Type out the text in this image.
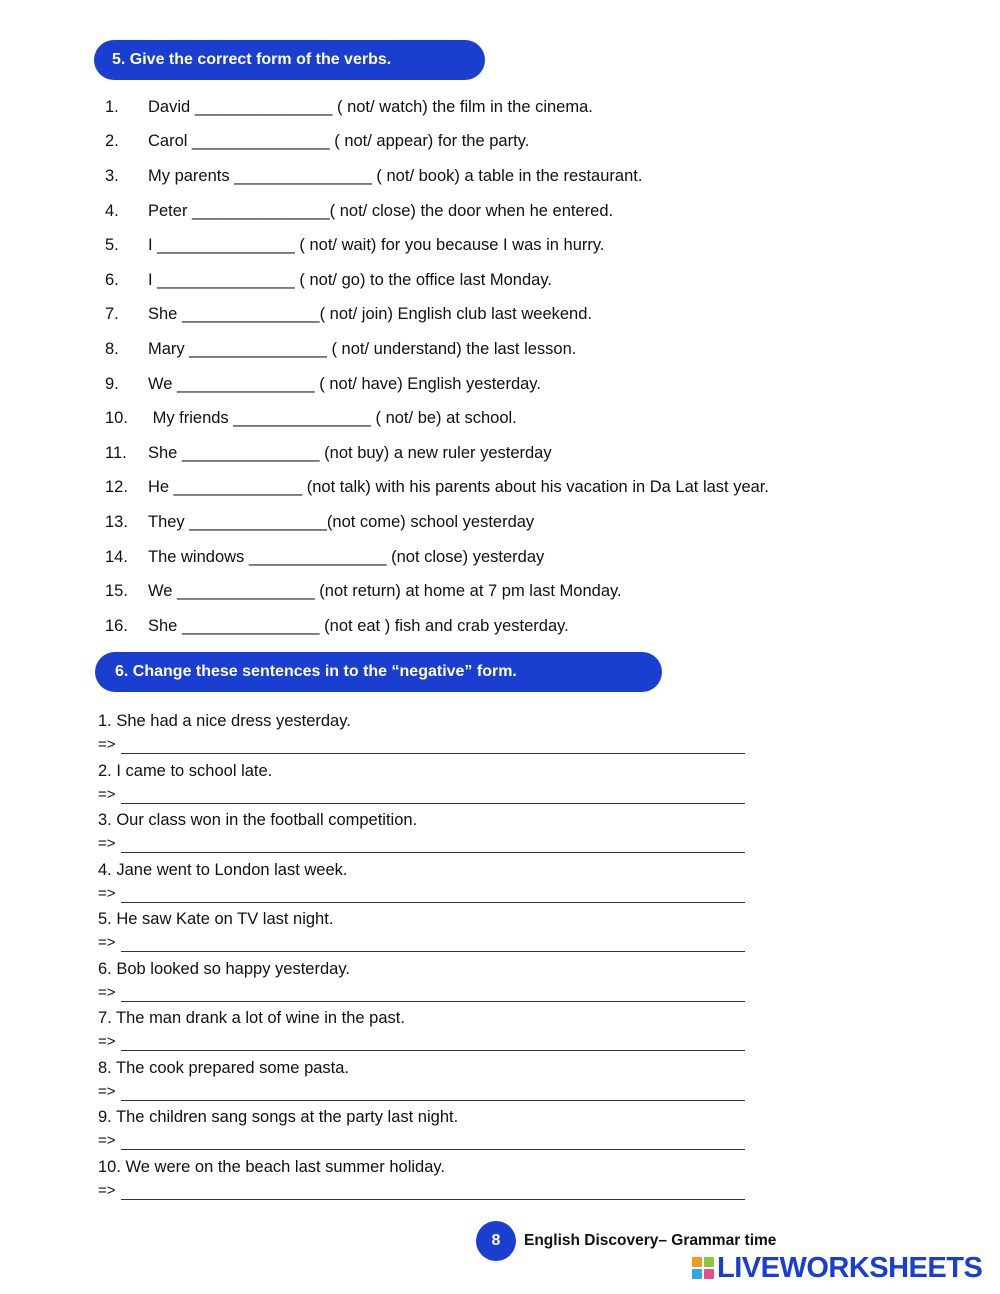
5. Give the correct form of the verbs.
1.	David _______________ ( not/ watch) the film in the cinema.
2.	Carol _______________ ( not/ appear) for the party.
3.	My parents _______________ ( not/ book) a table in the restaurant.
4.	Peter _______________( not/ close) the door when he entered.
5.	I _______________ ( not/ wait) for you because I was in hurry.
6.	I _______________ ( not/ go) to the office last Monday.
7.	She _______________( not/ join) English club last weekend.
8.	Mary _______________ ( not/ understand) the last lesson.
9.	We _______________ ( not/ have) English yesterday.
10.	My friends _______________ ( not/ be) at school.
11.	She _______________ (not buy) a new ruler yesterday
12.	He ______________ (not talk) with his parents about his vacation in Da Lat last year.
13.	They _______________(not come) school yesterday
14.	The windows _______________ (not close) yesterday
15.	We _______________ (not return) at home at 7 pm last Monday.
16.	She _______________ (not eat ) fish and crab yesterday.
6. Change these sentences in to the “negative” form.
1. She had a nice dress yesterday.
=>
2. I came to school late.
=>
3. Our class won in the football competition.
=>
4. Jane went to London last week.
=>
5. He saw Kate on TV last night.
=>
6. Bob looked so happy yesterday.
=>
7. The man drank a lot of wine in the past.
=>
8. The cook prepared some pasta.
=>
9. The children sang songs at the party last night.
=>
10. We were on the beach last summer holiday.
=>
8 English Discovery– Grammar time
LIVEWORKSHEETS
